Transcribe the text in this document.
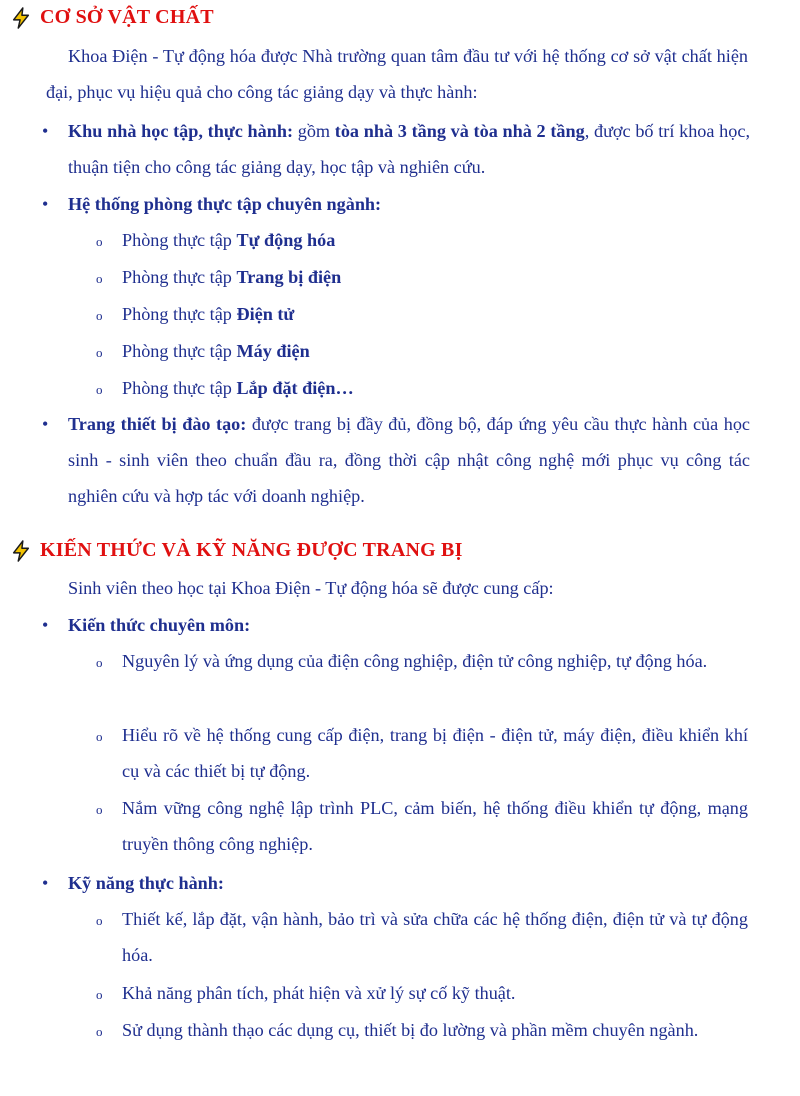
CƠ SỞ VẬT CHẤT
Khoa Điện - Tự động hóa được Nhà trường quan tâm đầu tư với hệ thống cơ sở vật chất hiện đại, phục vụ hiệu quả cho công tác giảng dạy và thực hành:
• Khu nhà học tập, thực hành: gồm tòa nhà 3 tầng và tòa nhà 2 tầng, được bố trí khoa học, thuận tiện cho công tác giảng dạy, học tập và nghiên cứu.
• Hệ thống phòng thực tập chuyên ngành:
o Phòng thực tập Tự động hóa
o Phòng thực tập Trang bị điện
o Phòng thực tập Điện tử
o Phòng thực tập Máy điện
o Phòng thực tập Lắp đặt điện…
• Trang thiết bị đào tạo: được trang bị đầy đủ, đồng bộ, đáp ứng yêu cầu thực hành của học sinh - sinh viên theo chuẩn đầu ra, đồng thời cập nhật công nghệ mới phục vụ công tác nghiên cứu và hợp tác với doanh nghiệp.
KIẾN THỨC VÀ KỸ NĂNG ĐƯỢC TRANG BỊ
Sinh viên theo học tại Khoa Điện - Tự động hóa sẽ được cung cấp:
• Kiến thức chuyên môn:
o Nguyên lý và ứng dụng của điện công nghiệp, điện tử công nghiệp, tự động hóa.
o Hiểu rõ về hệ thống cung cấp điện, trang bị điện - điện tử, máy điện, điều khiển khí cụ và các thiết bị tự động.
o Nắm vững công nghệ lập trình PLC, cảm biến, hệ thống điều khiển tự động, mạng truyền thông công nghiệp.
• Kỹ năng thực hành:
o Thiết kế, lắp đặt, vận hành, bảo trì và sửa chữa các hệ thống điện, điện tử và tự động hóa.
o Khả năng phân tích, phát hiện và xử lý sự cố kỹ thuật.
o Sử dụng thành thạo các dụng cụ, thiết bị đo lường và phần mềm chuyên ngành.
